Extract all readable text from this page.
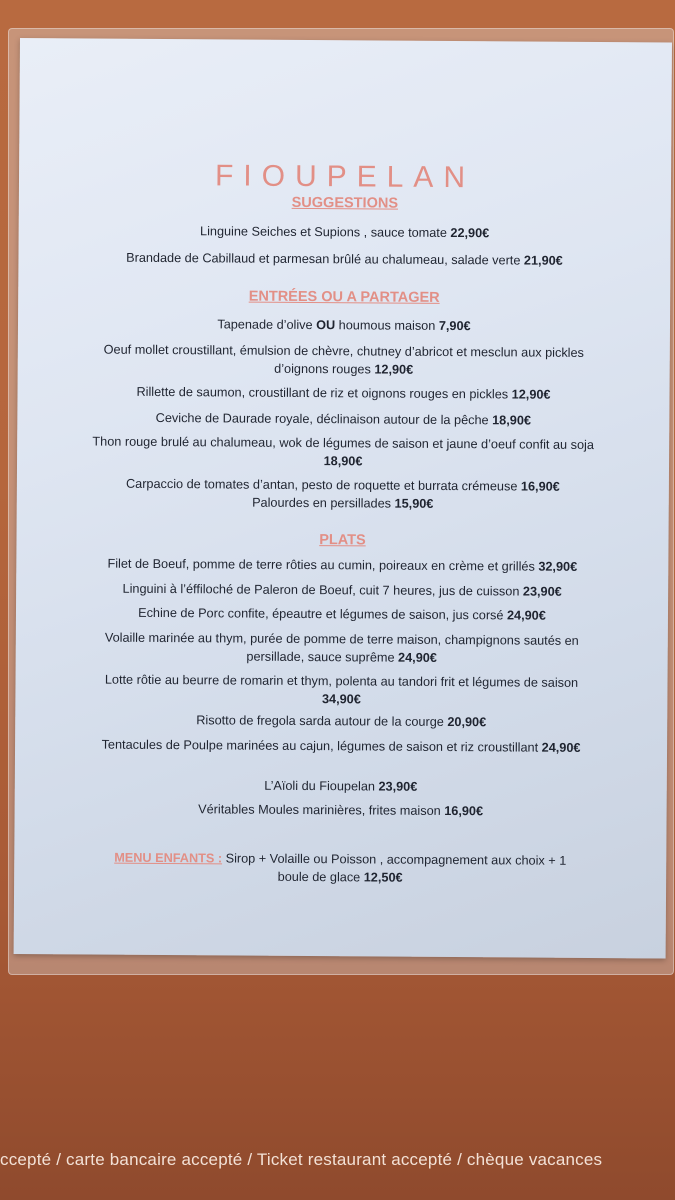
FIOUPELAN
SUGGESTIONS
Linguine Seiches et Supions , sauce tomate 22,90€
Brandade de Cabillaud et parmesan brûlé au chalumeau, salade verte 21,90€
ENTRÉES OU A PARTAGER
Tapenade d’olive OU houmous maison 7,90€
Oeuf mollet croustillant, émulsion de chèvre, chutney d’abricot et mesclun aux pickles d’oignons rouges 12,90€
Rillette de saumon, croustillant de riz et oignons rouges en pickles 12,90€
Ceviche de Daurade royale, déclinaison autour de la pêche 18,90€
Thon rouge brulé au chalumeau, wok de légumes de saison et jaune d’oeuf confit au soja 18,90€
Carpaccio de tomates d’antan, pesto de roquette et burrata crémeuse 16,90€
Palourdes en persillades 15,90€
PLATS
Filet de Boeuf, pomme de terre rôties au cumin, poireaux en crème et grillés 32,90€
Linguini à l’éffiloché de Paleron de Boeuf, cuit 7 heures, jus de cuisson 23,90€
Echine de Porc confite, épeautre et légumes de saison, jus corsé 24,90€
Volaille marinée au thym, purée de pomme de terre maison, champignons sautés en persillade, sauce suprême 24,90€
Lotte rôtie au beurre de romarin et thym, polenta au tandori frit et légumes de saison 34,90€
Risotto de fregola sarda autour de la courge 20,90€
Tentacules de Poulpe marinées au cajun, légumes de saison et riz croustillant 24,90€
L’Aïoli du Fioupelan 23,90€
Véritables Moules marinières, frites maison 16,90€
MENU ENFANTS : Sirop + Volaille ou Poisson , accompagnement aux choix + 1 boule de glace 12,50€
ccepté / carte bancaire accepté / Ticket restaurant accepté / chèque vacances
